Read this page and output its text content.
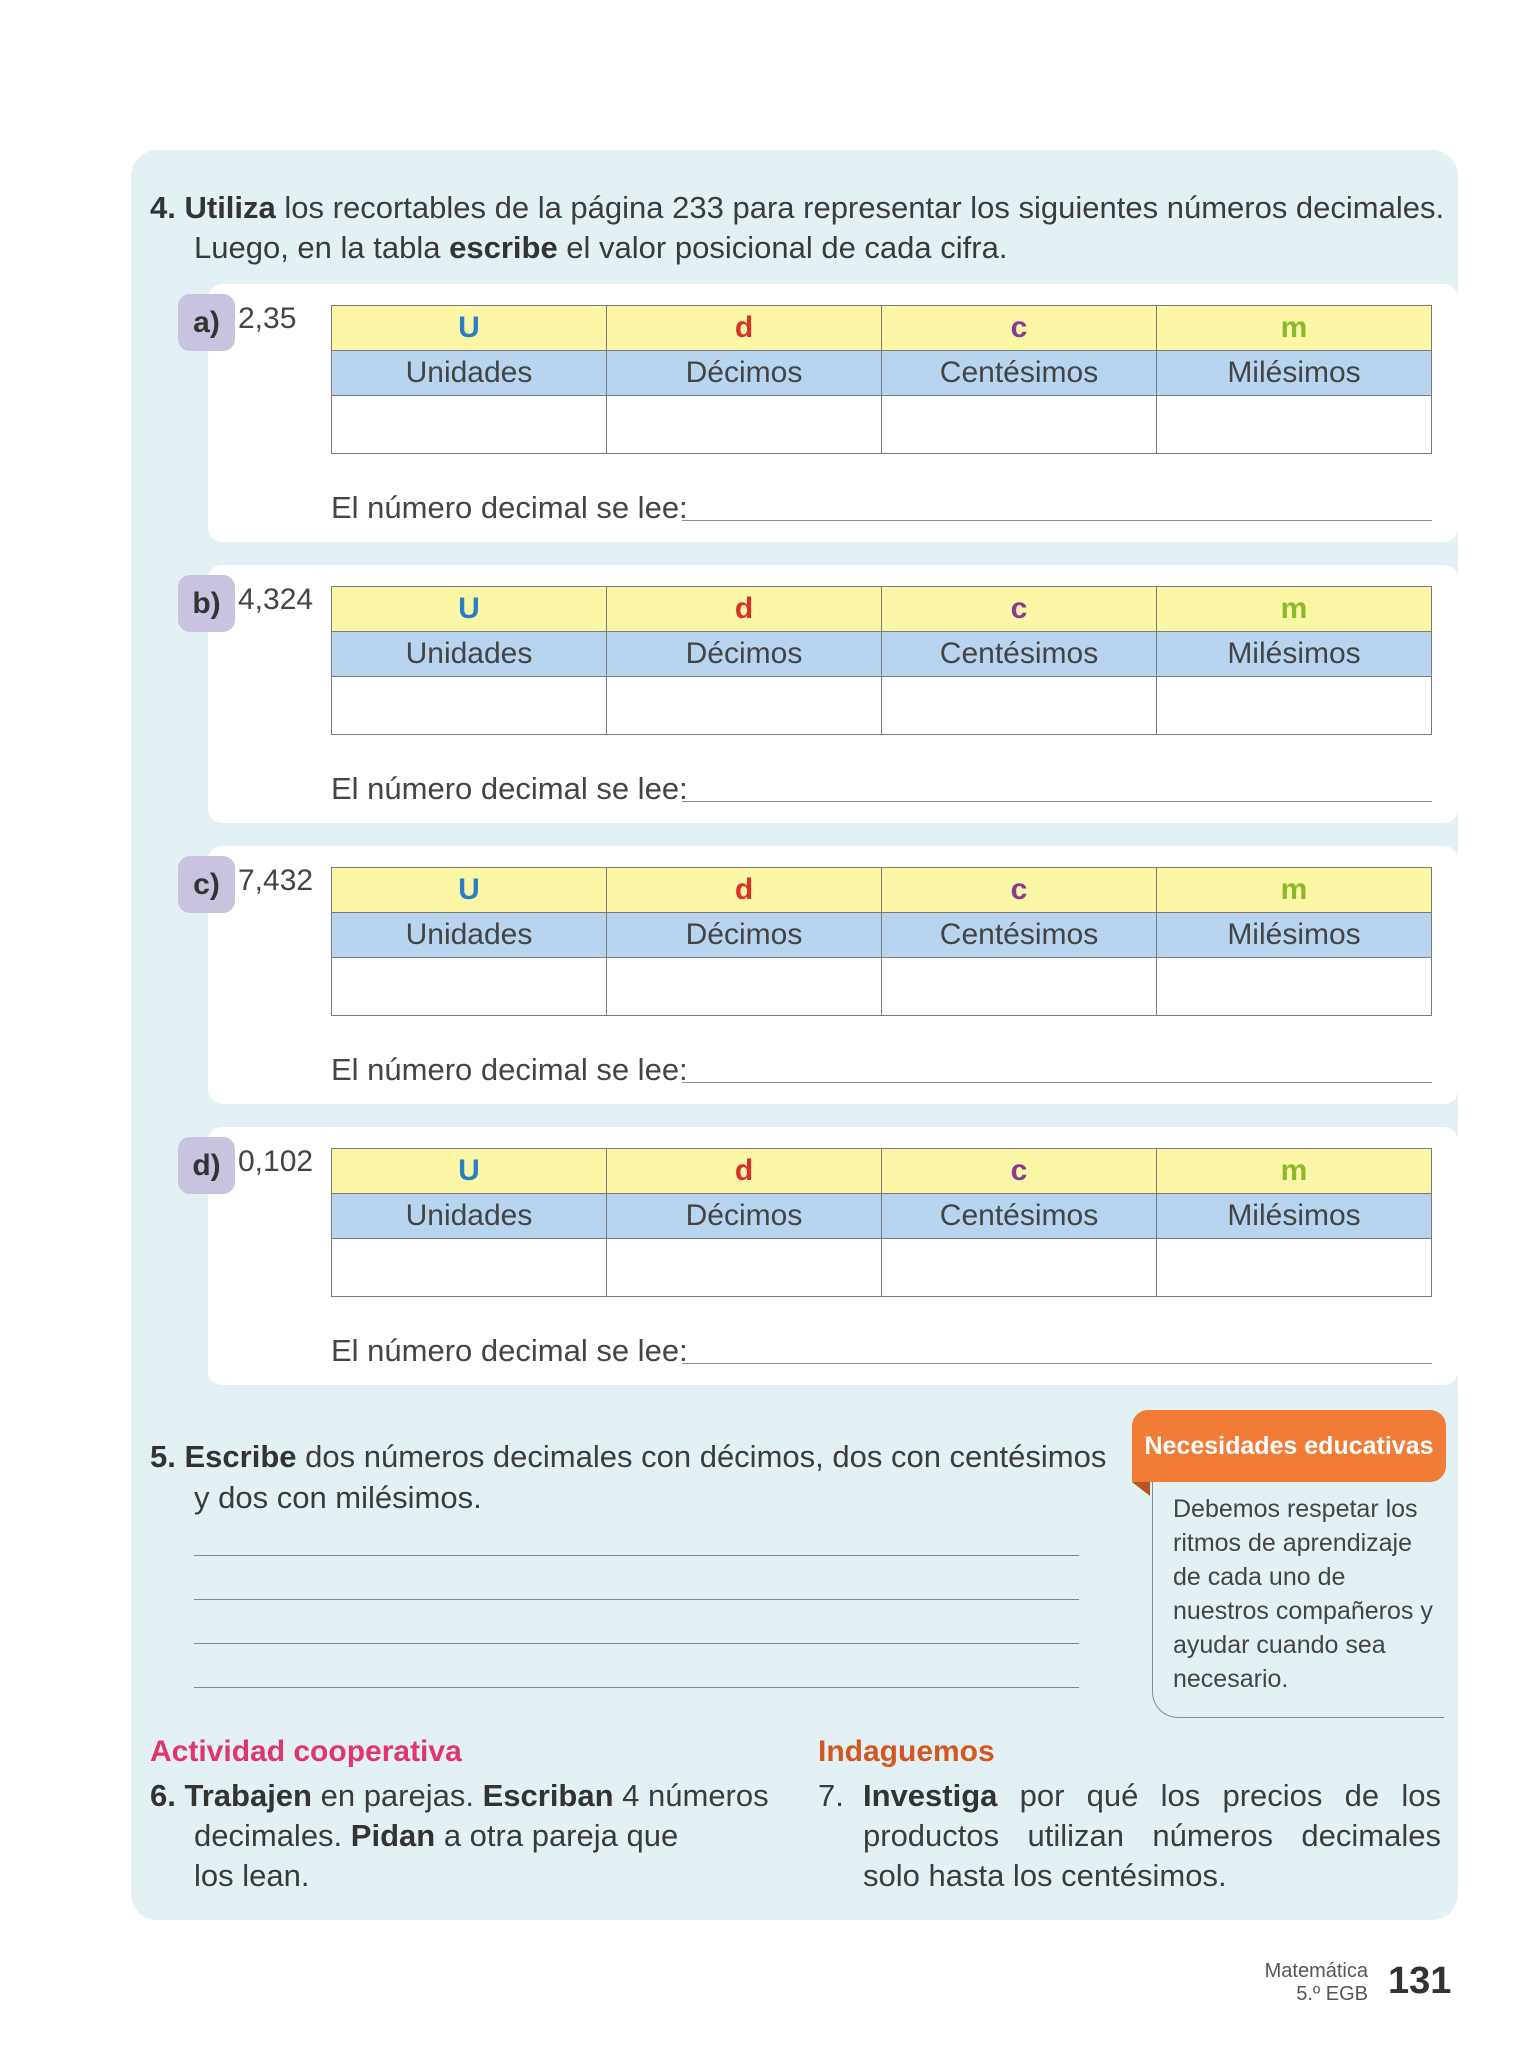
4. Utiliza los recortables de la página 233 para representar los siguientes números decimales.
Luego, en la tabla escribe el valor posicional de cada cifra.
a) 2,35	U	d	c	m
Unidades	Décimos	Centésimos	Milésimos

El número decimal se lee:
b) 4,324	U	d	c	m
Unidades	Décimos	Centésimos	Milésimos

El número decimal se lee:
c) 7,432	U	d	c	m
Unidades	Décimos	Centésimos	Milésimos

El número decimal se lee:
d) 0,102	U	d	c	m
Unidades	Décimos	Centésimos	Milésimos

El número decimal se lee:
5. Escribe dos números decimales con décimos, dos con centésimos
y dos con milésimos.
Necesidades educativas
Debemos respetar los ritmos de aprendizaje de cada uno de nuestros compañeros y ayudar cuando sea necesario.
Actividad cooperativa
6. Trabajen en parejas. Escriban 4 números
decimales. Pidan a otra pareja que
los lean.
Indaguemos
7. Investiga por qué los precios de los productos utilizan números decimales solo hasta los centésimos.
Matemática
5.º EGB 131
